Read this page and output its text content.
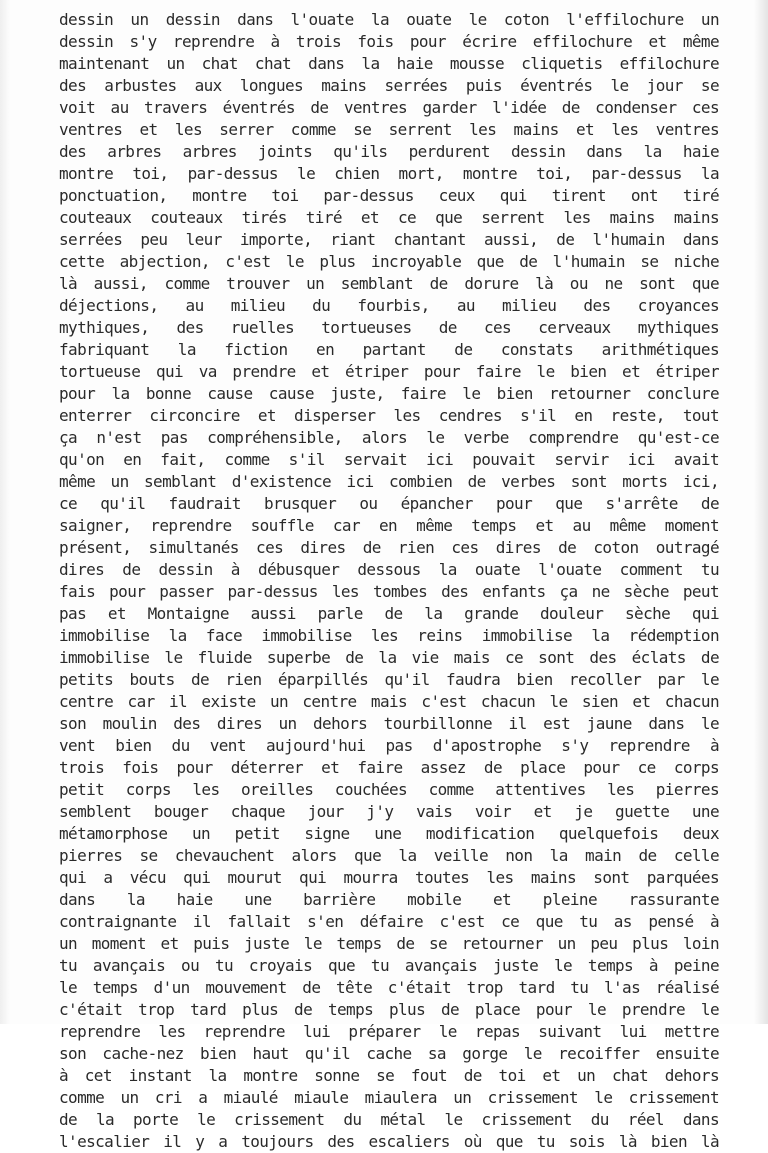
dessin un dessin dans l'ouate la ouate le coton l'effilochure un
dessin s'y reprendre à trois fois pour écrire effilochure et même
maintenant un chat chat dans la haie mousse cliquetis effilochure
des arbustes aux longues mains serrées puis éventrés le jour se
voit au travers éventrés de ventres garder l'idée de condenser ces
ventres et les serrer comme se serrent les mains et les ventres
des arbres arbres joints qu'ils perdurent dessin dans la haie
montre toi, par-dessus le chien mort, montre toi, par-dessus la
ponctuation, montre toi par-dessus ceux qui tirent ont tiré
couteaux couteaux tirés tiré et ce que serrent les mains mains
serrées peu leur importe, riant chantant aussi, de l'humain dans
cette abjection, c'est le plus incroyable que de l'humain se niche
là aussi, comme trouver un semblant de dorure là ou ne sont que
déjections, au milieu du fourbis, au milieu des croyances
mythiques, des ruelles tortueuses de ces cerveaux mythiques
fabriquant la fiction en partant de constats arithmétiques
tortueuse qui va prendre et étriper pour faire le bien et étriper
pour la bonne cause cause juste, faire le bien retourner conclure
enterrer circoncire et disperser les cendres s'il en reste, tout
ça n'est pas compréhensible, alors le verbe comprendre qu'est-ce
qu'on en fait, comme s'il servait ici pouvait servir ici avait
même un semblant d'existence ici combien de verbes sont morts ici,
ce qu'il faudrait brusquer ou épancher pour que s'arrête de
saigner, reprendre souffle car en même temps et au même moment
présent, simultanés ces dires de rien ces dires de coton outragé
dires de dessin à débusquer dessous la ouate l'ouate comment tu
fais pour passer par-dessus les tombes des enfants ça ne sèche peut
pas et Montaigne aussi parle de la grande douleur sèche qui
immobilise la face immobilise les reins immobilise la rédemption
immobilise le fluide superbe de la vie mais ce sont des éclats de
petits bouts de rien éparpillés qu'il faudra bien recoller par le
centre car il existe un centre mais c'est chacun le sien et chacun
son moulin des dires un dehors tourbillonne il est jaune dans le
vent bien du vent aujourd'hui pas d'apostrophe s'y reprendre à
trois fois pour déterrer et faire assez de place pour ce corps
petit corps les oreilles couchées comme attentives les pierres
semblent bouger chaque jour j'y vais voir et je guette une
métamorphose un petit signe une modification quelquefois deux
pierres se chevauchent alors que la veille non la main de celle
qui a vécu qui mourut qui mourra toutes les mains sont parquées
dans la haie une barrière mobile et pleine rassurante
contraignante il fallait s'en défaire c'est ce que tu as pensé à
un moment et puis juste le temps de se retourner un peu plus loin
tu avançais ou tu croyais que tu avançais juste le temps à peine
le temps d'un mouvement de tête c'était trop tard tu l'as réalisé
c'était trop tard plus de temps plus de place pour le prendre le
reprendre les reprendre lui préparer le repas suivant lui mettre
son cache-nez bien haut qu'il cache sa gorge le recoiffer ensuite
à cet instant la montre sonne se fout de toi et un chat dehors
comme un cri a miaulé miaule miaulera un crissement le crissement
de la porte le crissement du métal le crissement du réel dans
l'escalier il y a toujours des escaliers où que tu sois là bien là
